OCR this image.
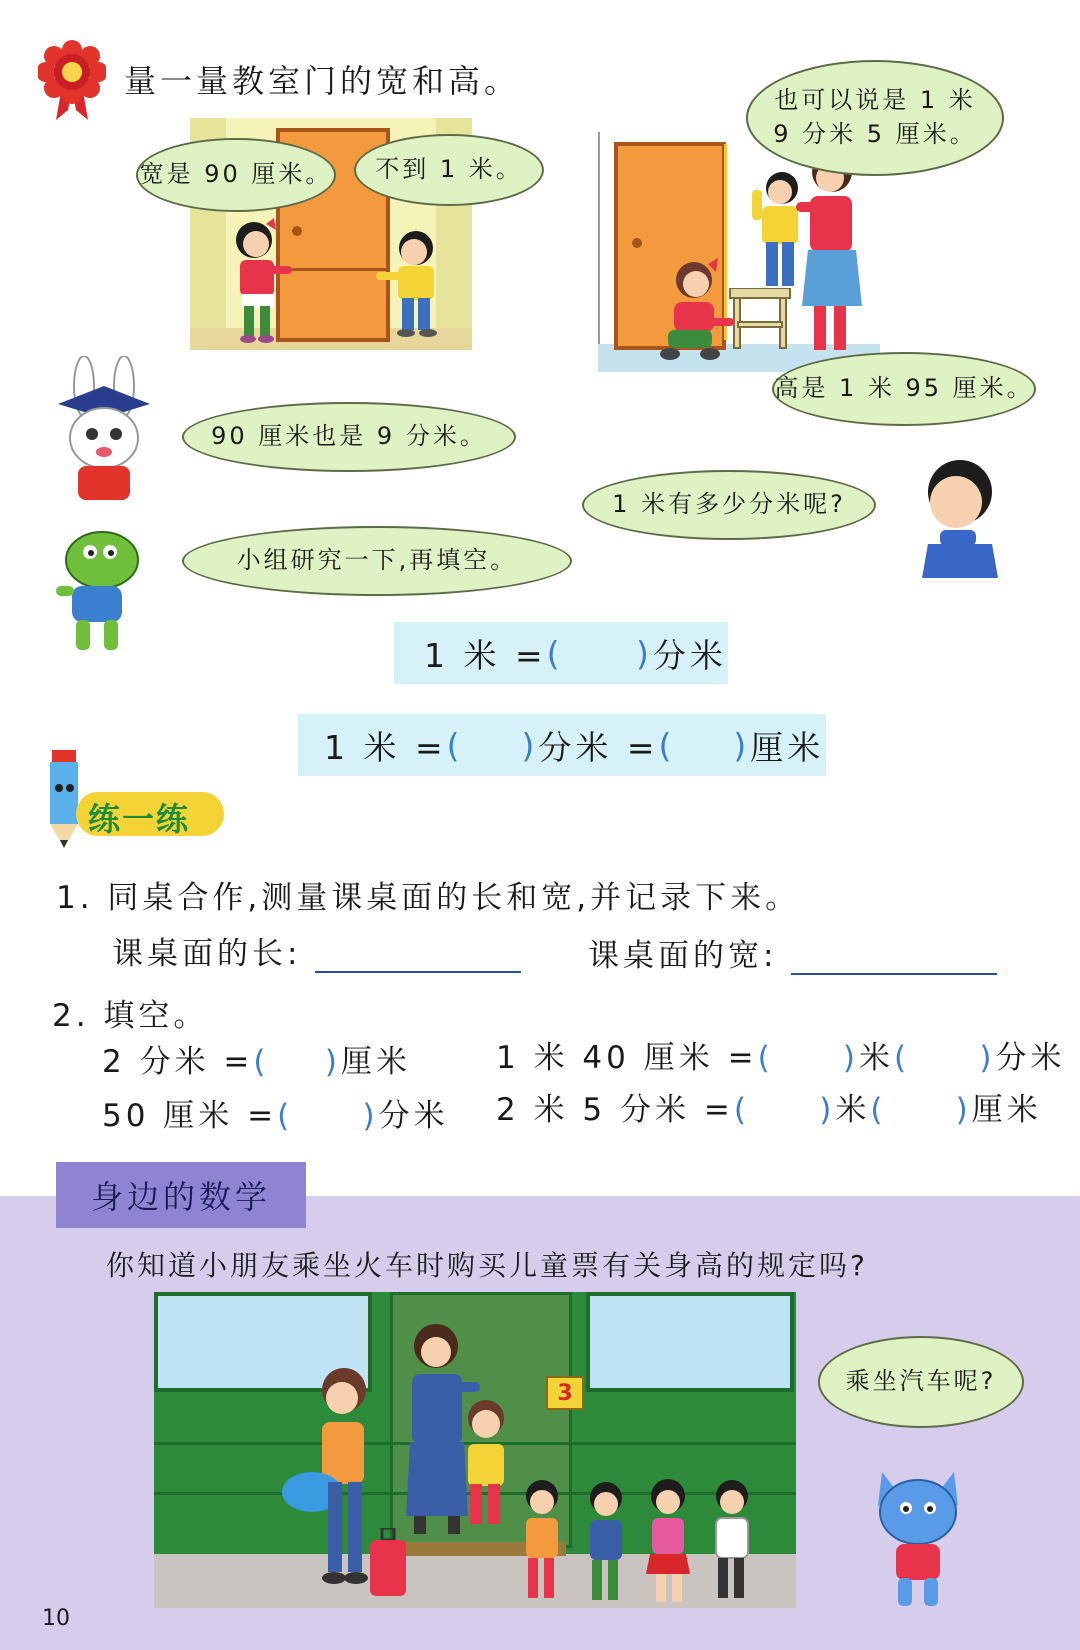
量一量教室门的宽和高。
宽是 90 厘米。 不到 1 米。
也可以说是 1 米
9 分米 5 厘米。
高是 1 米 95 厘米。
90 厘米也是 9 分米。
1 米有多少分米呢?
小组研究一下,再填空。
1 米 = (     ) 分米
1 米 = (    ) 分米 = (    ) 厘米
练一练
1. 同桌合作,测量课桌面的长和宽,并记录下来。
课桌面的长:	课桌面的宽:
2. 填空。
2 分米 =(    )厘米
50 厘米 =(     )分米
1 米 40 厘米 =(     )米(     )分米
2 米 5 分米 =(     )米(     )厘米
身边的数学
你知道小朋友乘坐火车时购买儿童票有关身高的规定吗?
3	乘坐汽车呢?
10
